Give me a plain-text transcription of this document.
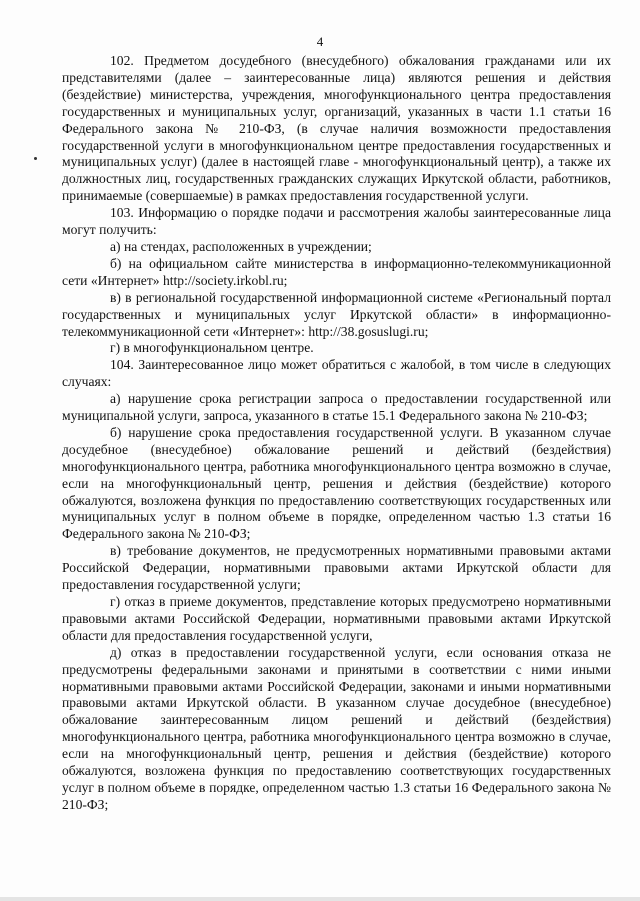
4

102. Предметом досудебного (внесудебного) обжалования гражданами или их представителями (далее – заинтересованные лица) являются решения и действия (бездействие) министерства, учреждения, многофункционального центра предоставления государственных и муниципальных услуг, организаций, указанных в части 1.1 статьи 16 Федерального закона № 210-ФЗ, (в случае наличия возможности предоставления государственной услуги в многофункциональном центре предоставления государственных и муниципальных услуг) (далее в настоящей главе - многофункциональный центр), а также их должностных лиц, государственных гражданских служащих Иркутской области, работников, принимаемые (совершаемые) в рамках предоставления государственной услуги.

103. Информацию о порядке подачи и рассмотрения жалобы заинтересованные лица могут получить:

а) на стендах, расположенных в учреждении;

б) на официальном сайте министерства в информационно-телекоммуникационной сети «Интернет» http://society.irkobl.ru;

в) в региональной государственной информационной системе «Региональный портал государственных и муниципальных услуг Иркутской области» в информационно-телекоммуникационной сети «Интернет»: http://38.gosuslugi.ru;

г) в многофункциональном центре.

104. Заинтересованное лицо может обратиться с жалобой, в том числе в следующих случаях:

а) нарушение срока регистрации запроса о предоставлении государственной или муниципальной услуги, запроса, указанного в статье 15.1 Федерального закона № 210-ФЗ;

б) нарушение срока предоставления государственной услуги. В указанном случае досудебное (внесудебное) обжалование решений и действий (бездействия) многофункционального центра, работника многофункционального центра возможно в случае, если на многофункциональный центр, решения и действия (бездействие) которого обжалуются, возложена функция по предоставлению соответствующих государственных или муниципальных услуг в полном объеме в порядке, определенном частью 1.3 статьи 16 Федерального закона № 210-ФЗ;

в) требование документов, не предусмотренных нормативными правовыми актами Российской Федерации, нормативными правовыми актами Иркутской области для предоставления государственной услуги;

г) отказ в приеме документов, представление которых предусмотрено нормативными правовыми актами Российской Федерации, нормативными правовыми актами Иркутской области для предоставления государственной услуги,

д) отказ в предоставлении государственной услуги, если основания отказа не предусмотрены федеральными законами и принятыми в соответствии с ними иными нормативными правовыми актами Российской Федерации, законами и иными нормативными правовыми актами Иркутской области. В указанном случае досудебное (внесудебное) обжалование заинтересованным лицом решений и действий (бездействия) многофункционального центра, работника многофункционального центра возможно в случае, если на многофункциональный центр, решения и действия (бездействие) которого обжалуются, возложена функция по предоставлению соответствующих государственных услуг в полном объеме в порядке, определенном частью 1.3 статьи 16 Федерального закона № 210-ФЗ;
